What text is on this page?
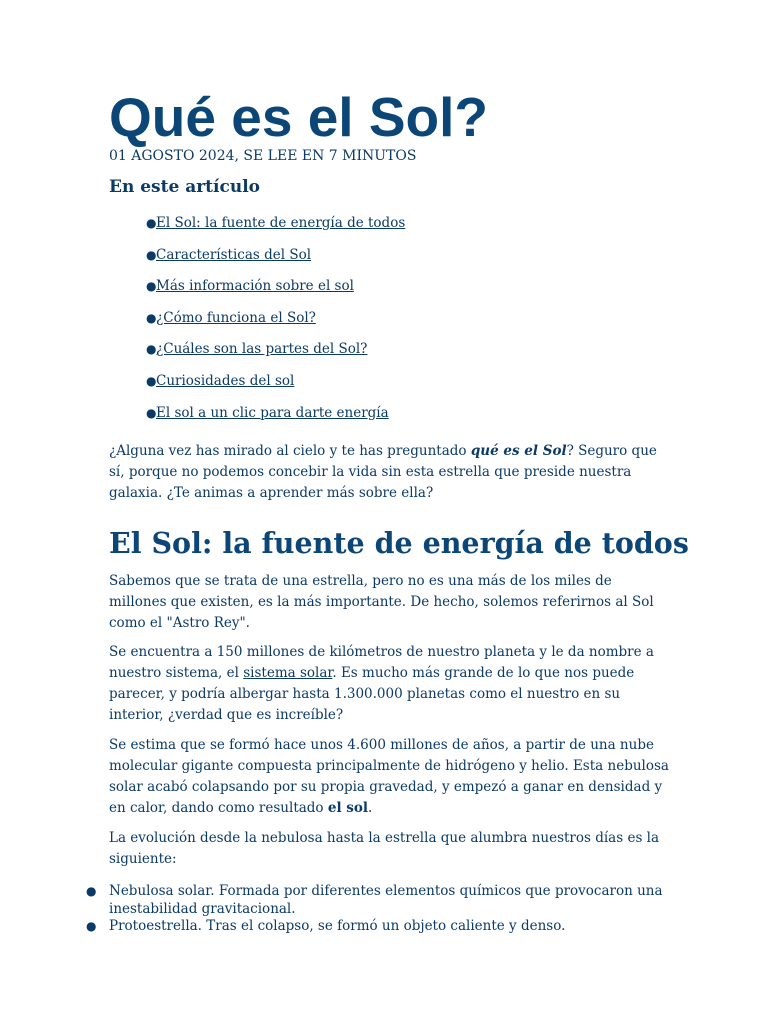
Qué es el Sol?
01 AGOSTO 2024, SE LEE EN 7 MINUTOS
En este artículo
●El Sol: la fuente de energía de todos
●Características del Sol
●Más información sobre el sol
●¿Cómo funciona el Sol?
●¿Cuáles son las partes del Sol?
●Curiosidades del sol
●El sol a un clic para darte energía

¿Alguna vez has mirado al cielo y te has preguntado qué es el Sol? Seguro que sí, porque no podemos concebir la vida sin esta estrella que preside nuestra galaxia. ¿Te animas a aprender más sobre ella?

El Sol: la fuente de energía de todos

Sabemos que se trata de una estrella, pero no es una más de los miles de millones que existen, es la más importante. De hecho, solemos referirnos al Sol como el "Astro Rey".

Se encuentra a 150 millones de kilómetros de nuestro planeta y le da nombre a nuestro sistema, el sistema solar. Es mucho más grande de lo que nos puede parecer, y podría albergar hasta 1.300.000 planetas como el nuestro en su interior, ¿verdad que es increíble?

Se estima que se formó hace unos 4.600 millones de años, a partir de una nube molecular gigante compuesta principalmente de hidrógeno y helio. Esta nebulosa solar acabó colapsando por su propia gravedad, y empezó a ganar en densidad y en calor, dando como resultado el sol.

La evolución desde la nebulosa hasta la estrella que alumbra nuestros días es la siguiente:

● Nebulosa solar. Formada por diferentes elementos químicos que provocaron una inestabilidad gravitacional.
● Protoestrella. Tras el colapso, se formó un objeto caliente y denso.
